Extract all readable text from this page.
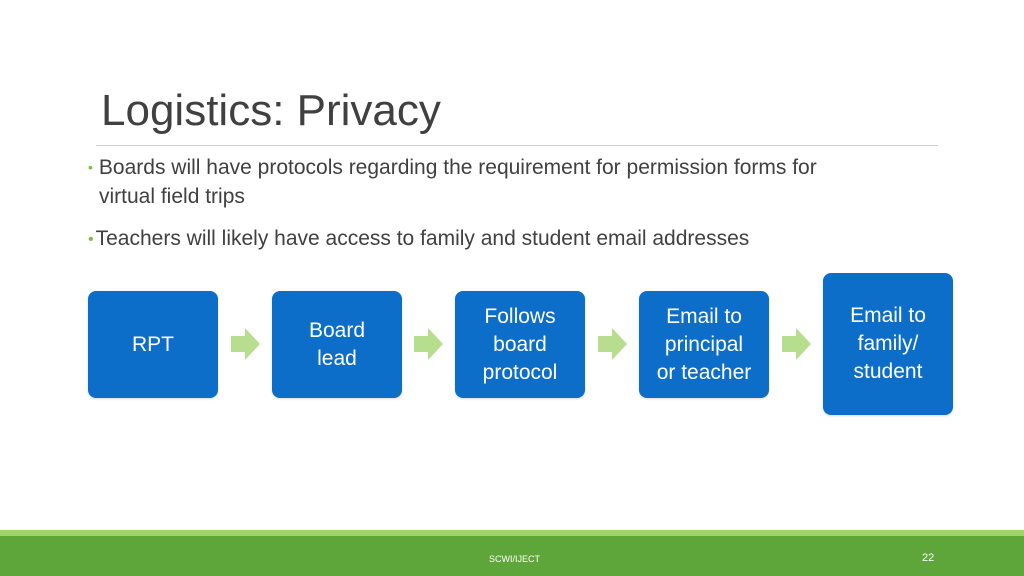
Logistics: Privacy
• Boards will have protocols regarding the requirement for permission forms for
virtual field trips
•Teachers will likely have access to family and student email addresses
RPT
Board
lead
Follows
board
protocol
Email to
principal
or teacher
Email to
family/
student
SCWI/IJECT	22
